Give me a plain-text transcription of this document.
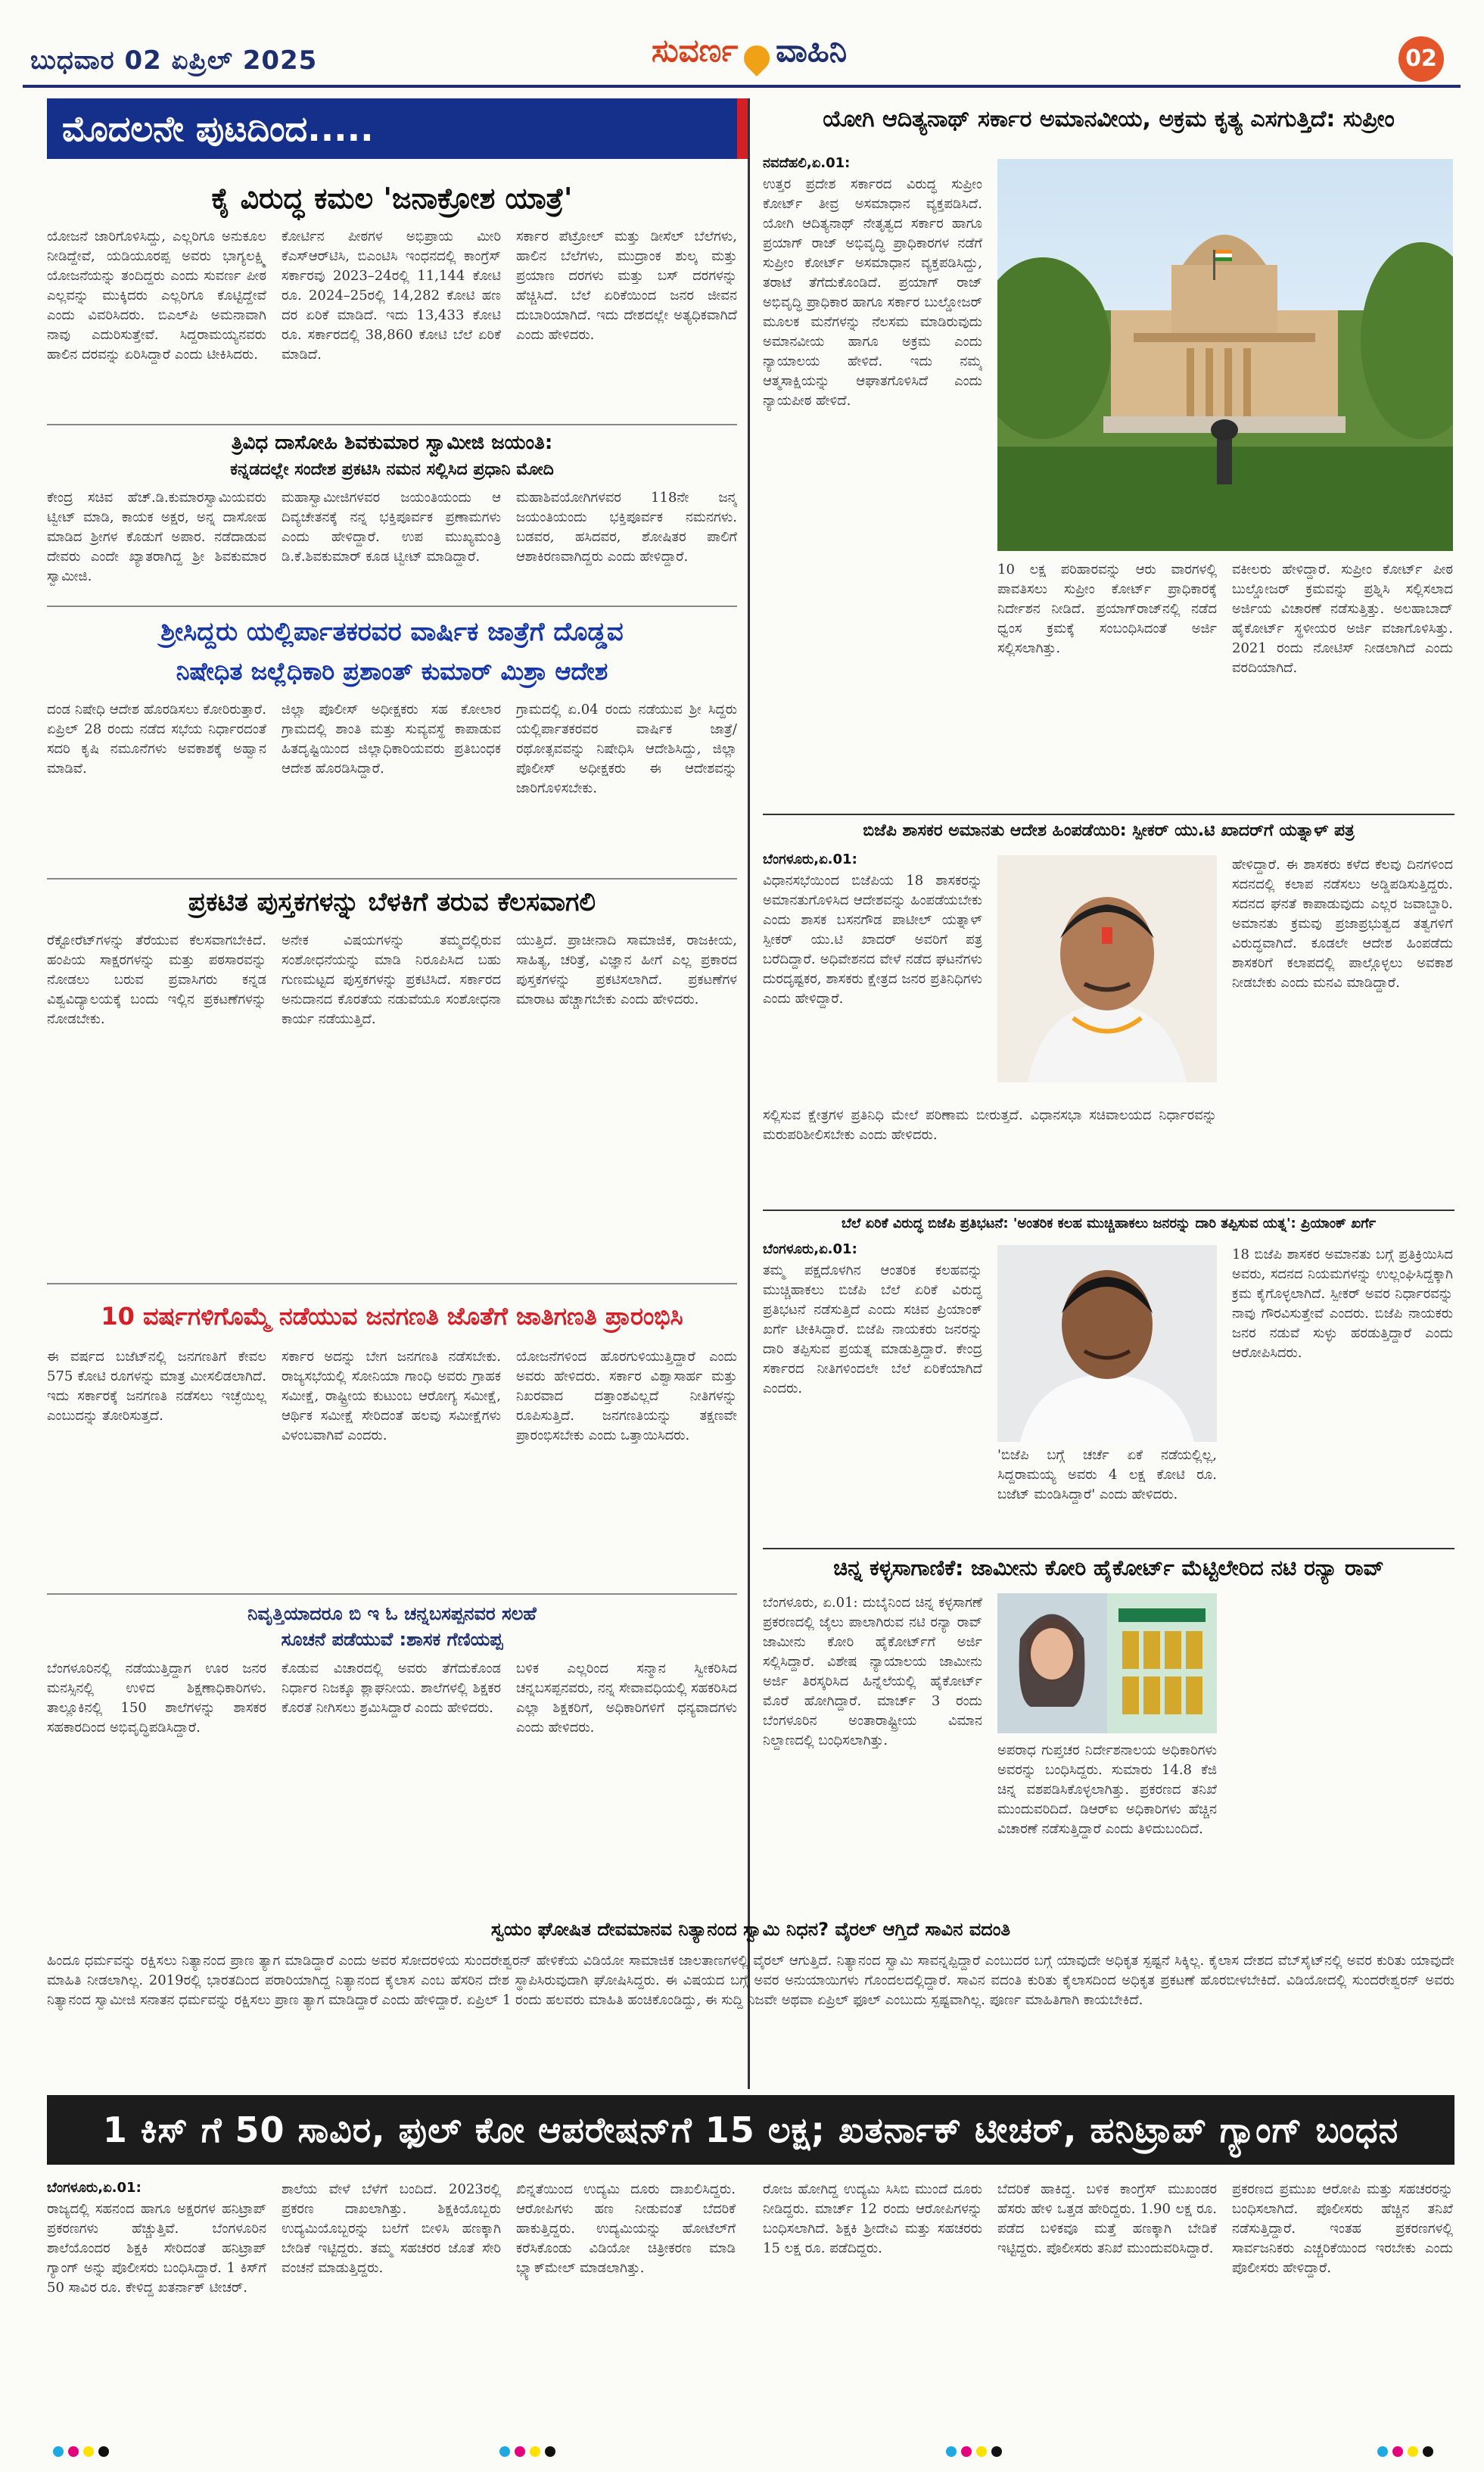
ಬುಧವಾರ 02 ಏಪ್ರಿಲ್ 2025	ಸುವರ್ಣ ವಾಹಿನಿ	02
ಮೊದಲನೇ ಪುಟದಿಂದ.....
ಕೈ ವಿರುದ್ಧ ಕಮಲ 'ಜನಾಕ್ರೋಶ ಯಾತ್ರೆ'
ಯೋಜನೆ ಜಾರಿಗೊಳಿಸಿದ್ದು, ಎಲ್ಲರಿಗೂ ಅನುಕೂಲ ನೀಡಿದ್ದೇವೆ, ಯಡಿಯೂರಪ್ಪ ಅವರು ಭಾಗ್ಯಲಕ್ಷ್ಮಿ ಯೋಜನೆಯನ್ನು ತಂದಿದ್ದರು ಎಂದು ಸುವರ್ಣ ಪೀಠ ಎಲ್ಲವನ್ನು ಮುಕ್ಕಿದರು ಎಲ್ಲರಿಗೂ ಕೊಟ್ಟಿದ್ದೇವೆ ಎಂದು ವಿವರಿಸಿದರು. ಬಿಎಲ್‌ಪಿ ಅಮನಾವಾಗಿ ನಾವು ಎದುರಿಸುತ್ತೇವೆ. ಸಿದ್ದರಾಮಯ್ಯನವರು ಹಾಲಿನ ದರವನ್ನು ಏರಿಸಿದ್ದಾರೆ ಎಂದು ಟೀಕಿಸಿದರು.
ಕೋರ್ಟಿನ ಪೀಠಗಳ ಅಭಿಪ್ರಾಯ ಮೀರಿ ಕೆಎಸ್‌ಆರ್‌ಟಿಸಿ, ಬಿಎಂಟಿಸಿ ಇಂಧನದಲ್ಲಿ ಕಾಂಗ್ರೆಸ್ ಸರ್ಕಾರವು 2023–24ರಲ್ಲಿ 11,144 ಕೋಟಿ ರೂ. 2024–25ರಲ್ಲಿ 14,282 ಕೋಟಿ ಹಣ ದರ ಏರಿಕೆ ಮಾಡಿದೆ. ಇದು 13,433 ಕೋಟಿ ರೂ. ಸರ್ಕಾರದಲ್ಲಿ 38,860 ಕೋಟಿ ಬೆಲೆ ಏರಿಕೆ ಮಾಡಿದೆ.
ಸರ್ಕಾರ ಪೆಟ್ರೋಲ್ ಮತ್ತು ಡೀಸೆಲ್ ಬೆಲೆಗಳು, ಹಾಲಿನ ಬೆಲೆಗಳು, ಮುದ್ರಾಂಕ ಶುಲ್ಕ ಮತ್ತು ಪ್ರಯಾಣ ದರಗಳು ಮತ್ತು ಬಸ್ ದರಗಳನ್ನು ಹೆಚ್ಚಿಸಿದೆ. ಬೆಲೆ ಏರಿಕೆಯಿಂದ ಜನರ ಜೀವನ ದುಬಾರಿಯಾಗಿದೆ. ಇದು ದೇಶದಲ್ಲೇ ಅತ್ಯಧಿಕವಾಗಿದೆ ಎಂದು ಹೇಳಿದರು.
ತ್ರಿವಿಧ ದಾಸೋಹಿ ಶಿವಕುಮಾರ ಸ್ವಾಮೀಜಿ ಜಯಂತಿ:
ಕನ್ನಡದಲ್ಲೇ ಸಂದೇಶ ಪ್ರಕಟಿಸಿ ನಮನ ಸಲ್ಲಿಸಿದ ಪ್ರಧಾನಿ ಮೋದಿ
ಕೇಂದ್ರ ಸಚಿವ ಹೆಚ್.ಡಿ.ಕುಮಾರಸ್ವಾಮಿಯವರು ಟ್ವೀಟ್ ಮಾಡಿ, ಕಾಯಕ ಅಕ್ಷರ, ಅನ್ನ ದಾಸೋಹ ಮಾಡಿದ ಶ್ರೀಗಳ ಕೊಡುಗೆ ಅಪಾರ. ನಡೆದಾಡುವ ದೇವರು ಎಂದೇ ಖ್ಯಾತರಾಗಿದ್ದ ಶ್ರೀ ಶಿವಕುಮಾರ ಸ್ವಾಮೀಜಿ.
ಮಹಾಸ್ವಾಮೀಜಿಗಳವರ ಜಯಂತಿಯಂದು ಆ ದಿವ್ಯಚೇತನಕ್ಕೆ ನನ್ನ ಭಕ್ತಿಪೂರ್ವಕ ಪ್ರಣಾಮಗಳು ಎಂದು ಹೇಳಿದ್ದಾರೆ. ಉಪ ಮುಖ್ಯಮಂತ್ರಿ ಡಿ.ಕೆ.ಶಿವಕುಮಾರ್ ಕೂಡ ಟ್ವೀಟ್ ಮಾಡಿದ್ದಾರೆ.
ಮಹಾಶಿವಯೋಗಿಗಳವರ 118ನೇ ಜನ್ಮ ಜಯಂತಿಯಂದು ಭಕ್ತಿಪೂರ್ವಕ ನಮನಗಳು. ಬಡವರ, ಹಸಿದವರ, ಶೋಷಿತರ ಪಾಲಿಗೆ ಆಶಾಕಿರಣವಾಗಿದ್ದರು ಎಂದು ಹೇಳಿದ್ದಾರೆ.
ಶ್ರೀಸಿದ್ದರು ಯಲ್ಲಿರ್ಪಾತಕರವರ ವಾರ್ಷಿಕ ಜಾತ್ರೆಗೆ ದೊಡ್ಡವ
ನಿಷೇಧಿತ ಜಲ್ಲೆಧಿಕಾರಿ ಪ್ರಶಾಂತ್ ಕುಮಾರ್ ಮಿಶ್ರಾ ಆದೇಶ
ದಂಡ ನಿಷೇಧಿ ಆದೇಶ ಹೊರಡಿಸಲು ಕೋರಿರುತ್ತಾರೆ. ಏಪ್ರಿಲ್ 28 ರಂದು ನಡೆದ ಸಭೆಯ ನಿರ್ಧಾರದಂತೆ ಸದರಿ ಕೃಷಿ ನಮೂನೆಗಳು ಅವಕಾಶಕ್ಕೆ ಅಹ್ವಾನ ಮಾಡಿವೆ.
ಜಿಲ್ಲಾ ಪೊಲೀಸ್ ಅಧೀಕ್ಷಕರು ಸಹ ಕೋಲಾರ ಗ್ರಾಮದಲ್ಲಿ ಶಾಂತಿ ಮತ್ತು ಸುವ್ಯವಸ್ಥೆ ಕಾಪಾಡುವ ಹಿತದೃಷ್ಟಿಯಿಂದ ಜಿಲ್ಲಾಧಿಕಾರಿಯವರು ಪ್ರತಿಬಂಧಕ ಆದೇಶ ಹೊರಡಿಸಿದ್ದಾರೆ.
ಗ್ರಾಮದಲ್ಲಿ ಏ.04 ರಂದು ನಡೆಯುವ ಶ್ರೀ ಸಿದ್ದರು ಯಲ್ಲಿರ್ಪಾತಕರವರ ವಾರ್ಷಿಕ ಜಾತ್ರೆ/ ರಥೋತ್ಸವವನ್ನು ನಿಷೇಧಿಸಿ ಆದೇಶಿಸಿದ್ದು, ಜಿಲ್ಲಾ ಪೊಲೀಸ್ ಅಧೀಕ್ಷಕರು ಈ ಆದೇಶವನ್ನು ಜಾರಿಗೊಳಿಸಬೇಕು.
ಪ್ರಕಟಿತ ಪುಸ್ತಕಗಳನ್ನು ಬೆಳಕಿಗೆ ತರುವ ಕೆಲಸವಾಗಲಿ
ರೆಕ್ಟೋರೆಟ್‌ಗಳನ್ನು ತೆರೆಯುವ ಕೆಲಸವಾಗಬೇಕಿದೆ. ಹಂಪಿಯ ಸಾಕ್ಷರಗಳನ್ನು ಮತ್ತು ಪಠಸಾರವನ್ನು ನೋಡಲು ಬರುವ ಪ್ರವಾಸಿಗರು ಕನ್ನಡ ವಿಶ್ವವಿದ್ಯಾಲಯಕ್ಕೆ ಬಂದು ಇಲ್ಲಿನ ಪ್ರಕಟಣೆಗಳನ್ನು ನೋಡಬೇಕು.
ಅನೇಕ ವಿಷಯಗಳನ್ನು ತಮ್ಮದಲ್ಲಿರುವ ಸಂಶೋಧನೆಯನ್ನು ಮಾಡಿ ನಿರೂಪಿಸಿದ ಬಹು ಗುಣಮಟ್ಟದ ಪುಸ್ತಕಗಳನ್ನು ಪ್ರಕಟಿಸಿದೆ. ಸರ್ಕಾರದ ಅನುದಾನದ ಕೊರತೆಯ ನಡುವೆಯೂ ಸಂಶೋಧನಾ ಕಾರ್ಯ ನಡೆಯುತ್ತಿದೆ.
ಯುತ್ತಿದೆ. ಪ್ರಾಚೀನಾದಿ ಸಾಮಾಜಿಕ, ರಾಜಕೀಯ, ಸಾಹಿತ್ಯ, ಚರಿತ್ರೆ, ವಿಜ್ಞಾನ ಹೀಗೆ ಎಲ್ಲ ಪ್ರಕಾರದ ಪುಸ್ತಕಗಳನ್ನು ಪ್ರಕಟಿಸಲಾಗಿದೆ. ಪ್ರಕಟಣೆಗಳ ಮಾರಾಟ ಹೆಚ್ಚಾಗಬೇಕು ಎಂದು ಹೇಳಿದರು.
10 ವರ್ಷಗಳಿಗೊಮ್ಮೆ ನಡೆಯುವ ಜನಗಣತಿ ಜೊತೆಗೆ ಜಾತಿಗಣತಿ ಪ್ರಾರಂಭಿಸಿ
ಈ ವರ್ಷದ ಬಜೆಟ್‌ನಲ್ಲಿ ಜನಗಣತಿಗೆ ಕೇವಲ 575 ಕೋಟಿ ರೂಗಳನ್ನು ಮಾತ್ರ ಮೀಸಲಿಡಲಾಗಿದೆ. ಇದು ಸರ್ಕಾರಕ್ಕೆ ಜನಗಣತಿ ನಡೆಸಲು ಇಚ್ಛೆಯಿಲ್ಲ ಎಂಬುದನ್ನು ತೋರಿಸುತ್ತದೆ.
ಸರ್ಕಾರ ಅದನ್ನು ಬೇಗ ಜನಗಣತಿ ನಡೆಸಬೇಕು. ರಾಜ್ಯಸಭೆಯಲ್ಲಿ ಸೋನಿಯಾ ಗಾಂಧಿ ಅವರು ಗ್ರಾಹಕ ಸಮೀಕ್ಷೆ, ರಾಷ್ಟ್ರೀಯ ಕುಟುಂಬ ಆರೋಗ್ಯ ಸಮೀಕ್ಷೆ, ಆರ್ಥಿಕ ಸಮೀಕ್ಷೆ ಸೇರಿದಂತೆ ಹಲವು ಸಮೀಕ್ಷೆಗಳು ವಿಳಂಬವಾಗಿವೆ ಎಂದರು.
ಯೋಜನೆಗಳಿಂದ ಹೊರಗುಳಿಯುತ್ತಿದ್ದಾರೆ ಎಂದು ಅವರು ಹೇಳಿದರು. ಸರ್ಕಾರ ವಿಶ್ವಾಸಾರ್ಹ ಮತ್ತು ನಿಖರವಾದ ದತ್ತಾಂಶವಿಲ್ಲದೆ ನೀತಿಗಳನ್ನು ರೂಪಿಸುತ್ತಿದೆ. ಜನಗಣತಿಯನ್ನು ತಕ್ಷಣವೇ ಪ್ರಾರಂಭಿಸಬೇಕು ಎಂದು ಒತ್ತಾಯಿಸಿದರು.
ನಿವೃತ್ತಿಯಾದರೂ ಬಿ ಇ ಓ ಚನ್ನಬಸಪ್ಪನವರ ಸಲಹೆ
ಸೂಚನೆ ಪಡೆಯುವೆ :ಶಾಸಕ ಗೆಣಿಯಪ್ಪ
ಬೆಂಗಳೂರಿನಲ್ಲಿ ನಡೆಯುತ್ತಿದ್ದಾಗ ಊರ ಜನರ ಮನಸ್ಸಿನಲ್ಲಿ ಉಳಿದ ಶಿಕ್ಷಣಾಧಿಕಾರಿಗಳು. ತಾಲ್ಲೂಕಿನಲ್ಲಿ 150 ಶಾಲೆಗಳನ್ನು ಶಾಸಕರ ಸಹಕಾರದಿಂದ ಅಭಿವೃದ್ಧಿಪಡಿಸಿದ್ದಾರೆ.
ಕೊಡುವ ವಿಚಾರದಲ್ಲಿ ಅವರು ತೆಗೆದುಕೊಂಡ ನಿರ್ಧಾರ ನಿಜಕ್ಕೂ ಶ್ಲಾಘನೀಯ. ಶಾಲೆಗಳಲ್ಲಿ ಶಿಕ್ಷಕರ ಕೊರತೆ ನೀಗಿಸಲು ಶ್ರಮಿಸಿದ್ದಾರೆ ಎಂದು ಹೇಳಿದರು.
ಬಳಿಕ ಎಲ್ಲರಿಂದ ಸನ್ಮಾನ ಸ್ವೀಕರಿಸಿದ ಚನ್ನಬಸಪ್ಪನವರು, ನನ್ನ ಸೇವಾವಧಿಯಲ್ಲಿ ಸಹಕರಿಸಿದ ಎಲ್ಲಾ ಶಿಕ್ಷಕರಿಗೆ, ಅಧಿಕಾರಿಗಳಿಗೆ ಧನ್ಯವಾದಗಳು ಎಂದು ಹೇಳಿದರು.
ಸ್ವಯಂ ಘೋಷಿತ ದೇವಮಾನವ ನಿತ್ಯಾನಂದ ಸ್ವಾಮಿ ನಿಧನ? ವೈರಲ್ ಆಗ್ತಿದೆ ಸಾವಿನ ವದಂತಿ
ಹಿಂದೂ ಧರ್ಮವನ್ನು ರಕ್ಷಿಸಲು ನಿತ್ಯಾನಂದ ಪ್ರಾಣ ತ್ಯಾಗ ಮಾಡಿದ್ದಾರೆ ಎಂದು ಅವರ ಸೋದರಳಿಯ ಸುಂದರೇಶ್ವರನ್ ಹೇಳಿಕೆಯ ವಿಡಿಯೋ ಸಾಮಾಜಿಕ ಜಾಲತಾಣಗಳಲ್ಲಿ ವೈರಲ್ ಆಗುತ್ತಿದೆ. ನಿತ್ಯಾನಂದ ಸ್ವಾಮಿ ಸಾವನ್ನಪ್ಪಿದ್ದಾರೆ ಎಂಬುದರ ಬಗ್ಗೆ ಯಾವುದೇ ಅಧಿಕೃತ ಸ್ಪಷ್ಟನೆ ಸಿಕ್ಕಿಲ್ಲ. ಕೈಲಾಸ ದೇಶದ ವೆಬ್‌ಸೈಟ್‌ನಲ್ಲಿ ಅವರ ಕುರಿತು ಯಾವುದೇ ಮಾಹಿತಿ ನೀಡಲಾಗಿಲ್ಲ. 2019ರಲ್ಲಿ ಭಾರತದಿಂದ ಪರಾರಿಯಾಗಿದ್ದ ನಿತ್ಯಾನಂದ ಕೈಲಾಸ ಎಂಬ ಹೆಸರಿನ ದೇಶ ಸ್ಥಾಪಿಸಿರುವುದಾಗಿ ಘೋಷಿಸಿದ್ದರು. ಈ ವಿಷಯದ ಬಗ್ಗೆ ಅವರ ಅನುಯಾಯಿಗಳು ಗೊಂದಲದಲ್ಲಿದ್ದಾರೆ. ಸಾವಿನ ವದಂತಿ ಕುರಿತು ಕೈಲಾಸದಿಂದ ಅಧಿಕೃತ ಪ್ರಕಟಣೆ ಹೊರಬೀಳಬೇಕಿದೆ. ವಿಡಿಯೋದಲ್ಲಿ ಸುಂದರೇಶ್ವರನ್ ಅವರು ನಿತ್ಯಾನಂದ ಸ್ವಾಮೀಜಿ ಸನಾತನ ಧರ್ಮವನ್ನು ರಕ್ಷಿಸಲು ಪ್ರಾಣ ತ್ಯಾಗ ಮಾಡಿದ್ದಾರೆ ಎಂದು ಹೇಳಿದ್ದಾರೆ. ಏಪ್ರಿಲ್ 1 ರಂದು ಹಲವರು ಮಾಹಿತಿ ಹಂಚಿಕೊಂಡಿದ್ದು, ಈ ಸುದ್ದಿ ನಿಜವೇ ಅಥವಾ ಏಪ್ರಿಲ್ ಫೂಲ್ ಎಂಬುದು ಸ್ಪಷ್ಟವಾಗಿಲ್ಲ. ಪೂರ್ಣ ಮಾಹಿತಿಗಾಗಿ ಕಾಯಬೇಕಿದೆ.
ಯೋಗಿ ಆದಿತ್ಯನಾಥ್ ಸರ್ಕಾರ ಅಮಾನವೀಯ, ಅಕ್ರಮ ಕೃತ್ಯ ಎಸಗುತ್ತಿದೆ: ಸುಪ್ರೀಂ
ನವದೆಹಲಿ,ಏ.01:
ಉತ್ತರ ಪ್ರದೇಶ ಸರ್ಕಾರದ ವಿರುದ್ಧ ಸುಪ್ರೀಂ ಕೋರ್ಟ್ ತೀವ್ರ ಅಸಮಾಧಾನ ವ್ಯಕ್ತಪಡಿಸಿದೆ. ಯೋಗಿ ಆದಿತ್ಯನಾಥ್ ನೇತೃತ್ವದ ಸರ್ಕಾರ ಹಾಗೂ ಪ್ರಯಾಗ್ ರಾಜ್ ಅಭಿವೃದ್ಧಿ ಪ್ರಾಧಿಕಾರಗಳ ನಡೆಗೆ ಸುಪ್ರೀಂ ಕೋರ್ಟ್ ಅಸಮಾಧಾನ ವ್ಯಕ್ತಪಡಿಸಿದ್ದು, ತರಾಟೆ ತೆಗೆದುಕೊಂಡಿದೆ. ಪ್ರಯಾಗ್ ರಾಜ್ ಅಭಿವೃದ್ಧಿ ಪ್ರಾಧಿಕಾರ ಹಾಗೂ ಸರ್ಕಾರ ಬುಲ್ಡೋಜರ್ ಮೂಲಕ ಮನೆಗಳನ್ನು ನೆಲಸಮ ಮಾಡಿರುವುದು ಅಮಾನವೀಯ ಹಾಗೂ ಅಕ್ರಮ ಎಂದು ನ್ಯಾಯಾಲಯ ಹೇಳಿದೆ. ಇದು ನಮ್ಮ ಆತ್ಮಸಾಕ್ಷಿಯನ್ನು ಆಘಾತಗೊಳಿಸಿದೆ ಎಂದು ನ್ಯಾಯಪೀಠ ಹೇಳಿದೆ.
10 ಲಕ್ಷ ಪರಿಹಾರವನ್ನು ಆರು ವಾರಗಳಲ್ಲಿ ಪಾವತಿಸಲು ಸುಪ್ರೀಂ ಕೋರ್ಟ್ ಪ್ರಾಧಿಕಾರಕ್ಕೆ ನಿರ್ದೇಶನ ನೀಡಿದೆ. ಪ್ರಯಾಗ್‌ರಾಜ್‌ನಲ್ಲಿ ನಡೆದ ಧ್ವಂಸ ಕ್ರಮಕ್ಕೆ ಸಂಬಂಧಿಸಿದಂತೆ ಅರ್ಜಿ ಸಲ್ಲಿಸಲಾಗಿತ್ತು.
ವಕೀಲರು ಹೇಳಿದ್ದಾರೆ. ಸುಪ್ರೀಂ ಕೋರ್ಟ್ ಪೀಠ ಬುಲ್ಡೋಜರ್ ಕ್ರಮವನ್ನು ಪ್ರಶ್ನಿಸಿ ಸಲ್ಲಿಸಲಾದ ಅರ್ಜಿಯ ವಿಚಾರಣೆ ನಡೆಸುತ್ತಿತ್ತು. ಅಲಹಾಬಾದ್ ಹೈಕೋರ್ಟ್ ಸ್ಥಳೀಯರ ಅರ್ಜಿ ವಜಾಗೊಳಿಸಿತ್ತು. 2021 ರಂದು ನೋಟಿಸ್ ನೀಡಲಾಗಿದೆ ಎಂದು ವರದಿಯಾಗಿದೆ.
ಬಿಜೆಪಿ ಶಾಸಕರ ಅಮಾನತು ಆದೇಶ ಹಿಂಪಡೆಯಿರಿ: ಸ್ಪೀಕರ್ ಯು.ಟಿ ಖಾದರ್‌ಗೆ ಯತ್ನಾಳ್ ಪತ್ರ
ಬೆಂಗಳೂರು,ಏ.01:
ವಿಧಾನಸಭೆಯಿಂದ ಬಿಜೆಪಿಯ 18 ಶಾಸಕರನ್ನು ಅಮಾನತುಗೊಳಿಸಿದ ಆದೇಶವನ್ನು ಹಿಂಪಡೆಯಬೇಕು ಎಂದು ಶಾಸಕ ಬಸನಗೌಡ ಪಾಟೀಲ್ ಯತ್ನಾಳ್ ಸ್ಪೀಕರ್ ಯು.ಟಿ ಖಾದರ್ ಅವರಿಗೆ ಪತ್ರ ಬರೆದಿದ್ದಾರೆ. ಅಧಿವೇಶನದ ವೇಳೆ ನಡೆದ ಘಟನೆಗಳು ದುರದೃಷ್ಟಕರ, ಶಾಸಕರು ಕ್ಷೇತ್ರದ ಜನರ ಪ್ರತಿನಿಧಿಗಳು ಎಂದು ಹೇಳಿದ್ದಾರೆ.
ಹೇಳಿದ್ದಾರೆ. ಈ ಶಾಸಕರು ಕಳೆದ ಕೆಲವು ದಿನಗಳಿಂದ ಸದನದಲ್ಲಿ ಕಲಾಪ ನಡೆಸಲು ಅಡ್ಡಿಪಡಿಸುತ್ತಿದ್ದರು. ಸದನದ ಘನತೆ ಕಾಪಾಡುವುದು ಎಲ್ಲರ ಜವಾಬ್ದಾರಿ. ಅಮಾನತು ಕ್ರಮವು ಪ್ರಜಾಪ್ರಭುತ್ವದ ತತ್ವಗಳಿಗೆ ವಿರುದ್ಧವಾಗಿದೆ. ಕೂಡಲೇ ಆದೇಶ ಹಿಂಪಡೆದು ಶಾಸಕರಿಗೆ ಕಲಾಪದಲ್ಲಿ ಪಾಲ್ಗೊಳ್ಳಲು ಅವಕಾಶ ನೀಡಬೇಕು ಎಂದು ಮನವಿ ಮಾಡಿದ್ದಾರೆ.
ಸಲ್ಲಿಸುವ ಕ್ಷೇತ್ರಗಳ ಪ್ರತಿನಿಧಿ ಮೇಲೆ ಪರಿಣಾಮ ಬೀರುತ್ತದೆ. ವಿಧಾನಸಭಾ ಸಚಿವಾಲಯದ ನಿರ್ಧಾರವನ್ನು ಮರುಪರಿಶೀಲಿಸಬೇಕು ಎಂದು ಹೇಳಿದರು.
ಬೆಲೆ ಏರಿಕೆ ವಿರುದ್ಧ ಬಿಜೆಪಿ ಪ್ರತಿಭಟನೆ: 'ಅಂತರಿಕ ಕಲಹ ಮುಚ್ಚಿಹಾಕಲು ಜನರನ್ನು ದಾರಿ ತಪ್ಪಿಸುವ ಯತ್ನ': ಪ್ರಿಯಾಂಕ್ ಖರ್ಗೆ
ಬೆಂಗಳೂರು,ಏ.01:
ತಮ್ಮ ಪಕ್ಷದೊಳಗಿನ ಆಂತರಿಕ ಕಲಹವನ್ನು ಮುಚ್ಚಿಹಾಕಲು ಬಿಜೆಪಿ ಬೆಲೆ ಏರಿಕೆ ವಿರುದ್ಧ ಪ್ರತಿಭಟನೆ ನಡೆಸುತ್ತಿದೆ ಎಂದು ಸಚಿವ ಪ್ರಿಯಾಂಕ್ ಖರ್ಗೆ ಟೀಕಿಸಿದ್ದಾರೆ. ಬಿಜೆಪಿ ನಾಯಕರು ಜನರನ್ನು ದಾರಿ ತಪ್ಪಿಸುವ ಪ್ರಯತ್ನ ಮಾಡುತ್ತಿದ್ದಾರೆ. ಕೇಂದ್ರ ಸರ್ಕಾರದ ನೀತಿಗಳಿಂದಲೇ ಬೆಲೆ ಏರಿಕೆಯಾಗಿದೆ ಎಂದರು.
'ಬಿಜೆಪಿ ಬಗ್ಗೆ ಚರ್ಚೆ ಏಕೆ ನಡೆಯಲ್ಲಿಲ್ಲ, ಸಿದ್ದರಾಮಯ್ಯ ಅವರು 4 ಲಕ್ಷ ಕೋಟಿ ರೂ. ಬಜೆಟ್ ಮಂಡಿಸಿದ್ದಾರೆ' ಎಂದು ಹೇಳಿದರು.
18 ಬಿಜೆಪಿ ಶಾಸಕರ ಅಮಾನತು ಬಗ್ಗೆ ಪ್ರತಿಕ್ರಿಯಿಸಿದ ಅವರು, ಸದನದ ನಿಯಮಗಳನ್ನು ಉಲ್ಲಂಘಿಸಿದ್ದಕ್ಕಾಗಿ ಕ್ರಮ ಕೈಗೊಳ್ಳಲಾಗಿದೆ. ಸ್ಪೀಕರ್ ಅವರ ನಿರ್ಧಾರವನ್ನು ನಾವು ಗೌರವಿಸುತ್ತೇವೆ ಎಂದರು. ಬಿಜೆಪಿ ನಾಯಕರು ಜನರ ನಡುವೆ ಸುಳ್ಳು ಹರಡುತ್ತಿದ್ದಾರೆ ಎಂದು ಆರೋಪಿಸಿದರು.
ಚಿನ್ನ ಕಳ್ಳಸಾಗಾಣಿಕೆ: ಜಾಮೀನು ಕೋರಿ ಹೈಕೋರ್ಟ್ ಮೆಟ್ಟಿಲೇರಿದ ನಟಿ ರನ್ಯಾ ರಾವ್
ಬೆಂಗಳೂರು, ಏ.01: ದುಬೈನಿಂದ ಚಿನ್ನ ಕಳ್ಳಸಾಗಣೆ ಪ್ರಕರಣದಲ್ಲಿ ಜೈಲು ಪಾಲಾಗಿರುವ ನಟಿ ರನ್ಯಾ ರಾವ್ ಜಾಮೀನು ಕೋರಿ ಹೈಕೋರ್ಟ್‌ಗೆ ಅರ್ಜಿ ಸಲ್ಲಿಸಿದ್ದಾರೆ. ವಿಶೇಷ ನ್ಯಾಯಾಲಯ ಜಾಮೀನು ಅರ್ಜಿ ತಿರಸ್ಕರಿಸಿದ ಹಿನ್ನೆಲೆಯಲ್ಲಿ ಹೈಕೋರ್ಟ್ ಮೊರೆ ಹೋಗಿದ್ದಾರೆ. ಮಾರ್ಚ್ 3 ರಂದು ಬೆಂಗಳೂರಿನ ಅಂತಾರಾಷ್ಟ್ರೀಯ ವಿಮಾನ ನಿಲ್ದಾಣದಲ್ಲಿ ಬಂಧಿಸಲಾಗಿತ್ತು.
ಅಪರಾಧ ಗುಪ್ತಚರ ನಿರ್ದೇಶನಾಲಯ ಅಧಿಕಾರಿಗಳು ಅವರನ್ನು ಬಂಧಿಸಿದ್ದರು. ಸುಮಾರು 14.8 ಕೆಜಿ ಚಿನ್ನ ವಶಪಡಿಸಿಕೊಳ್ಳಲಾಗಿತ್ತು. ಪ್ರಕರಣದ ತನಿಖೆ ಮುಂದುವರಿದಿದೆ. ಡಿಆರ್‌ಐ ಅಧಿಕಾರಿಗಳು ಹೆಚ್ಚಿನ ವಿಚಾರಣೆ ನಡೆಸುತ್ತಿದ್ದಾರೆ ಎಂದು ತಿಳಿದುಬಂದಿದೆ.
1 ಕಿಸ್ ಗೆ 50 ಸಾವಿರ, ಫುಲ್ ಕೋ ಆಪರೇಷನ್‌ಗೆ 15 ಲಕ್ಷ; ಖತರ್ನಾಕ್ ಟೀಚರ್, ಹನಿಟ್ರಾಪ್ ಗ್ಯಾಂಗ್ ಬಂಧನ
ಬೆಂಗಳೂರು,ಏ.01:
ರಾಜ್ಯದಲ್ಲಿ ಸಹನಂದ ಹಾಗೂ ಅಕ್ಷರಗಳ ಹನಿಟ್ರಾಪ್ ಪ್ರಕರಣಗಳು ಹೆಚ್ಚುತ್ತಿವೆ. ಬೆಂಗಳೂರಿನ ಶಾಲೆಯೊಂದರ ಶಿಕ್ಷಕಿ ಸೇರಿದಂತೆ ಹನಿಟ್ರಾಪ್ ಗ್ಯಾಂಗ್ ಅನ್ನು ಪೊಲೀಸರು ಬಂಧಿಸಿದ್ದಾರೆ. 1 ಕಿಸ್‌ಗೆ 50 ಸಾವಿರ ರೂ. ಕೇಳಿದ್ದ ಖತರ್ನಾಕ್ ಟೀಚರ್.
ಶಾಲೆಯ ವೇಳೆ ಬೆಳೆಗೆ ಬಂದಿದೆ. 2023ರಲ್ಲಿ ಪ್ರಕರಣ ದಾಖಲಾಗಿತ್ತು. ಶಿಕ್ಷಕಿಯೊಬ್ಬರು ಉದ್ಯಮಿಯೊಬ್ಬರನ್ನು ಬಲೆಗೆ ಬೀಳಿಸಿ ಹಣಕ್ಕಾಗಿ ಬೇಡಿಕೆ ಇಟ್ಟಿದ್ದರು. ತಮ್ಮ ಸಹಚರರ ಜೊತೆ ಸೇರಿ ವಂಚನೆ ಮಾಡುತ್ತಿದ್ದರು.
ಖಿನ್ನತೆಯಿಂದ ಉದ್ಯಮಿ ದೂರು ದಾಖಲಿಸಿದ್ದರು. ಆರೋಪಿಗಳು ಹಣ ನೀಡುವಂತೆ ಬೆದರಿಕೆ ಹಾಕುತ್ತಿದ್ದರು. ಉದ್ಯಮಿಯನ್ನು ಹೋಟೆಲ್‌ಗೆ ಕರೆಸಿಕೊಂಡು ವಿಡಿಯೋ ಚಿತ್ರೀಕರಣ ಮಾಡಿ ಬ್ಲ್ಯಾಕ್‌ಮೇಲ್ ಮಾಡಲಾಗಿತ್ತು.
ರೋಜ ಹೋಗಿದ್ದ ಉದ್ಯಮಿ ಸಿಸಿಬಿ ಮುಂದೆ ದೂರು ನೀಡಿದ್ದರು. ಮಾರ್ಚ್ 12 ರಂದು ಆರೋಪಿಗಳನ್ನು ಬಂಧಿಸಲಾಗಿದೆ. ಶಿಕ್ಷಕಿ ಶ್ರೀದೇವಿ ಮತ್ತು ಸಹಚರರು 15 ಲಕ್ಷ ರೂ. ಪಡೆದಿದ್ದರು.
ಬೆದರಿಕೆ ಹಾಕಿದ್ದ. ಬಳಿಕ ಕಾಂಗ್ರೆಸ್ ಮುಖಂಡರ ಹೆಸರು ಹೇಳಿ ಒತ್ತಡ ಹೇರಿದ್ದರು. 1.90 ಲಕ್ಷ ರೂ. ಪಡೆದ ಬಳಿಕವೂ ಮತ್ತೆ ಹಣಕ್ಕಾಗಿ ಬೇಡಿಕೆ ಇಟ್ಟಿದ್ದರು. ಪೊಲೀಸರು ತನಿಖೆ ಮುಂದುವರಿಸಿದ್ದಾರೆ.
ಪ್ರಕರಣದ ಪ್ರಮುಖ ಆರೋಪಿ ಮತ್ತು ಸಹಚರರನ್ನು ಬಂಧಿಸಲಾಗಿದೆ. ಪೊಲೀಸರು ಹೆಚ್ಚಿನ ತನಿಖೆ ನಡೆಸುತ್ತಿದ್ದಾರೆ. ಇಂತಹ ಪ್ರಕರಣಗಳಲ್ಲಿ ಸಾರ್ವಜನಿಕರು ಎಚ್ಚರಿಕೆಯಿಂದ ಇರಬೇಕು ಎಂದು ಪೊಲೀಸರು ಹೇಳಿದ್ದಾರೆ.
